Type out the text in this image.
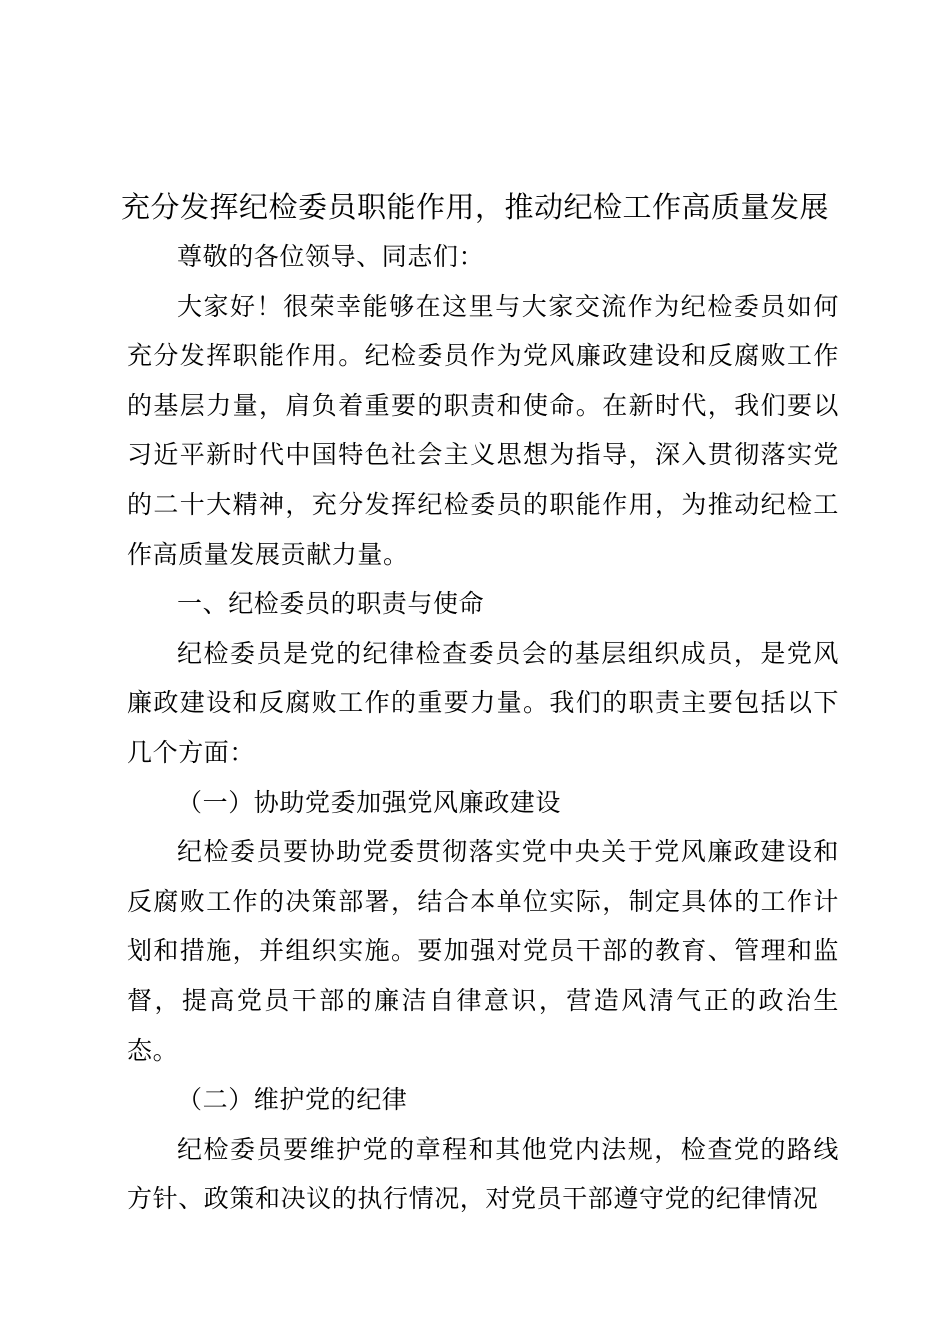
充分发挥纪检委员职能作用，推动纪检工作高质量发展

尊敬的各位领导、同志们：

大家好！很荣幸能够在这里与大家交流作为纪检委员如何充分发挥职能作用。纪检委员作为党风廉政建设和反腐败工作的基层力量，肩负着重要的职责和使命。在新时代，我们要以习近平新时代中国特色社会主义思想为指导，深入贯彻落实党的二十大精神，充分发挥纪检委员的职能作用，为推动纪检工作高质量发展贡献力量。

一、纪检委员的职责与使命

纪检委员是党的纪律检查委员会的基层组织成员，是党风廉政建设和反腐败工作的重要力量。我们的职责主要包括以下几个方面：

（一）协助党委加强党风廉政建设

纪检委员要协助党委贯彻落实党中央关于党风廉政建设和反腐败工作的决策部署，结合本单位实际，制定具体的工作计划和措施，并组织实施。要加强对党员干部的教育、管理和监督，提高党员干部的廉洁自律意识，营造风清气正的政治生态。

（二）维护党的纪律

纪检委员要维护党的章程和其他党内法规，检查党的路线方针、政策和决议的执行情况，对党员干部遵守党的纪律情况
